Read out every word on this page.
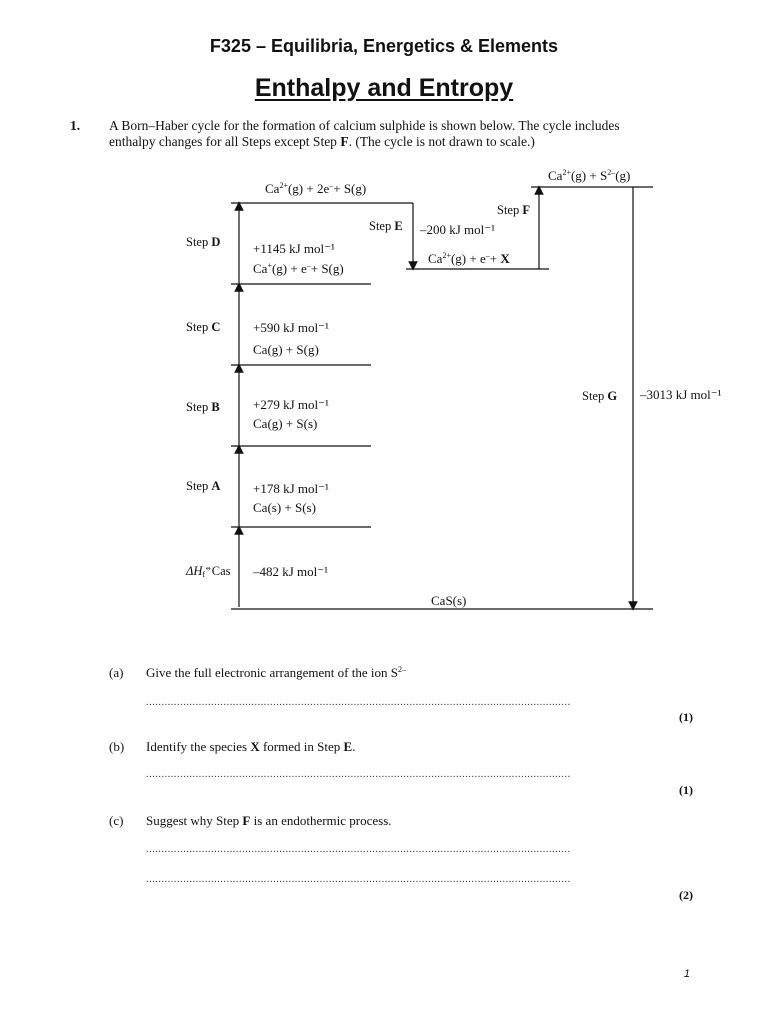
F325 – Equilibria, Energetics & Elements
Enthalpy and Entropy
1. A Born–Haber cycle for the formation of calcium sulphide is shown below. The cycle includes enthalpy changes for all Steps except Step F. (The cycle is not drawn to scale.)
$Ca^{2+}(g) + 2e^-+ S(g)$
Ca+(g) + e–+ S(g)
Ca(g) + S(g)
Ca(g) + S(s)
Ca(s) + S(s)
CaS(s)
$Ca^{2+}(g) + e^-+ X$
$Ca^{2+}(g) + S^{2-}(g)$
+1145 kJ mol⁻¹
+590 kJ mol⁻¹
+279 kJ mol⁻¹
+178 kJ mol⁻¹
–482 kJ mol⁻¹
–200 kJ mol⁻¹
–3013 kJ mol⁻¹
Step D
Step C
Step B
Step A
Step E
Step F
Step G
$\Delta H_f^⦵Cas$
(a) Give the full electronic arrangement of the ion $S^{2-}$
.........................................................................................................................................
(1)
(b) Identify the species X formed in Step E.
.........................................................................................................................................
(1)
(c) Suggest why Step F is an endothermic process.
.........................................................................................................................................
.........................................................................................................................................
(2)
1
